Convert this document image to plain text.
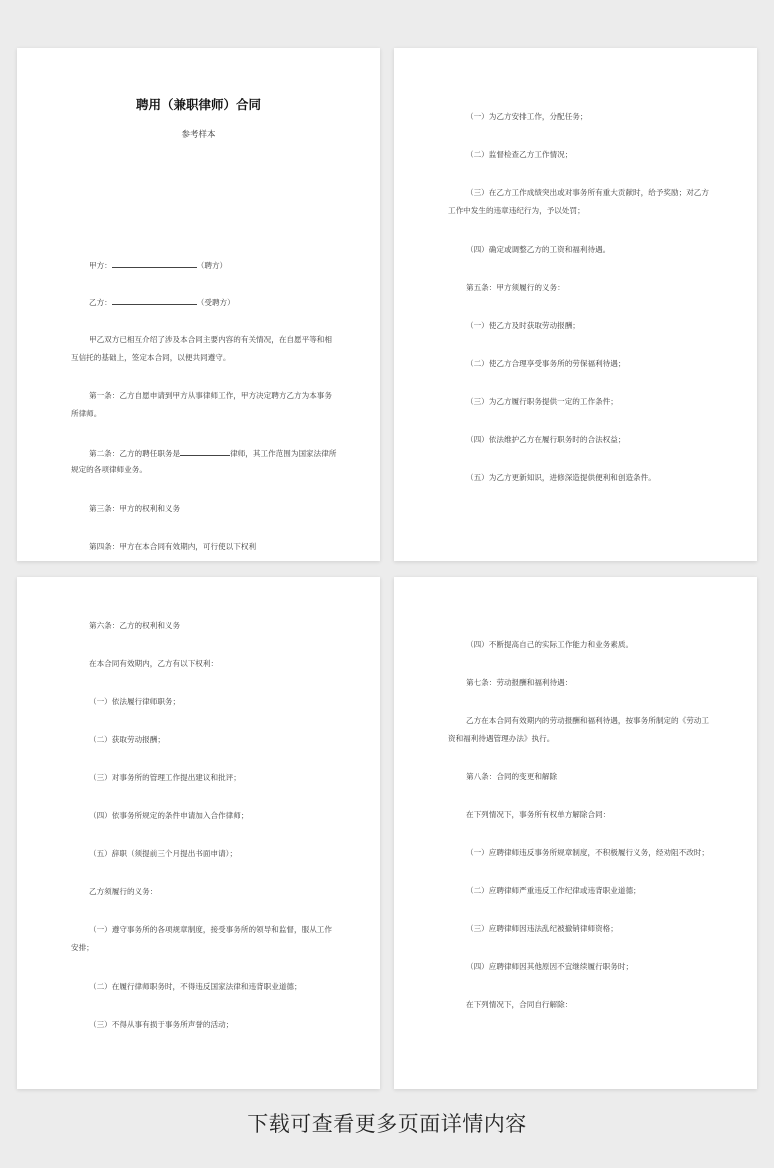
聘用（兼职律师）合同
参考样本
甲方：	（聘方）
乙方：	（受聘方）
甲乙双方已相互介绍了涉及本合同主要内容的有关情况，在自愿平等和相
互信托的基础上，签定本合同，以便共同遵守。
第一条：乙方自愿申请到甲方从事律师工作，甲方决定聘方乙方为本事务
所律师。
第二条：乙方的聘任职务是	律师，其工作范围为国家法律所
规定的各项律师业务。
第三条：甲方的权利和义务
第四条：甲方在本合同有效期内，可行使以下权利
（一）为乙方安排工作，分配任务；
（二）监督检查乙方工作情况；
（三）在乙方工作成绩突出或对事务所有重大贡献时，给予奖励；对乙方
工作中发生的违章违纪行为，予以处罚；
（四）确定或调整乙方的工资和福利待遇。
第五条：甲方须履行的义务：
（一）使乙方及时获取劳动报酬；
（二）使乙方合理享受事务所的劳保福利待遇；
（三）为乙方履行职务提供一定的工作条件；
（四）依法维护乙方在履行职务时的合法权益；
（五）为乙方更新知识，进修深造提供便利和创造条件。
第六条：乙方的权利和义务
在本合同有效期内，乙方有以下权利：
（一）依法履行律师职务；
（二）获取劳动报酬；
（三）对事务所的管理工作提出建议和批评；
（四）依事务所规定的条件申请加入合作律师；
（五）辞职（须提前三个月提出书面申请）；
乙方须履行的义务：
（一）遵守事务所的各项规章制度，接受事务所的领导和监督，服从工作
安排；
（二）在履行律师职务时，不得违反国家法律和违背职业道德；
（三）不得从事有损于事务所声誉的活动；
（四）不断提高自己的实际工作能力和业务素质。
第七条：劳动报酬和福利待遇：
乙方在本合同有效期内的劳动报酬和福利待遇，按事务所制定的《劳动工
资和福利待遇管理办法》执行。
第八条：合同的变更和解除
在下列情况下，事务所有权单方解除合同：
（一）应聘律师违反事务所规章制度，不积极履行义务，经劝阻不改时；
（二）应聘律师严重违反工作纪律或违背职业道德；
（三）应聘律师因违法乱纪被撤销律师资格；
（四）应聘律师因其他原因不宜继续履行职务时；
在下列情况下，合同自行解除：
下载可查看更多页面详情内容
